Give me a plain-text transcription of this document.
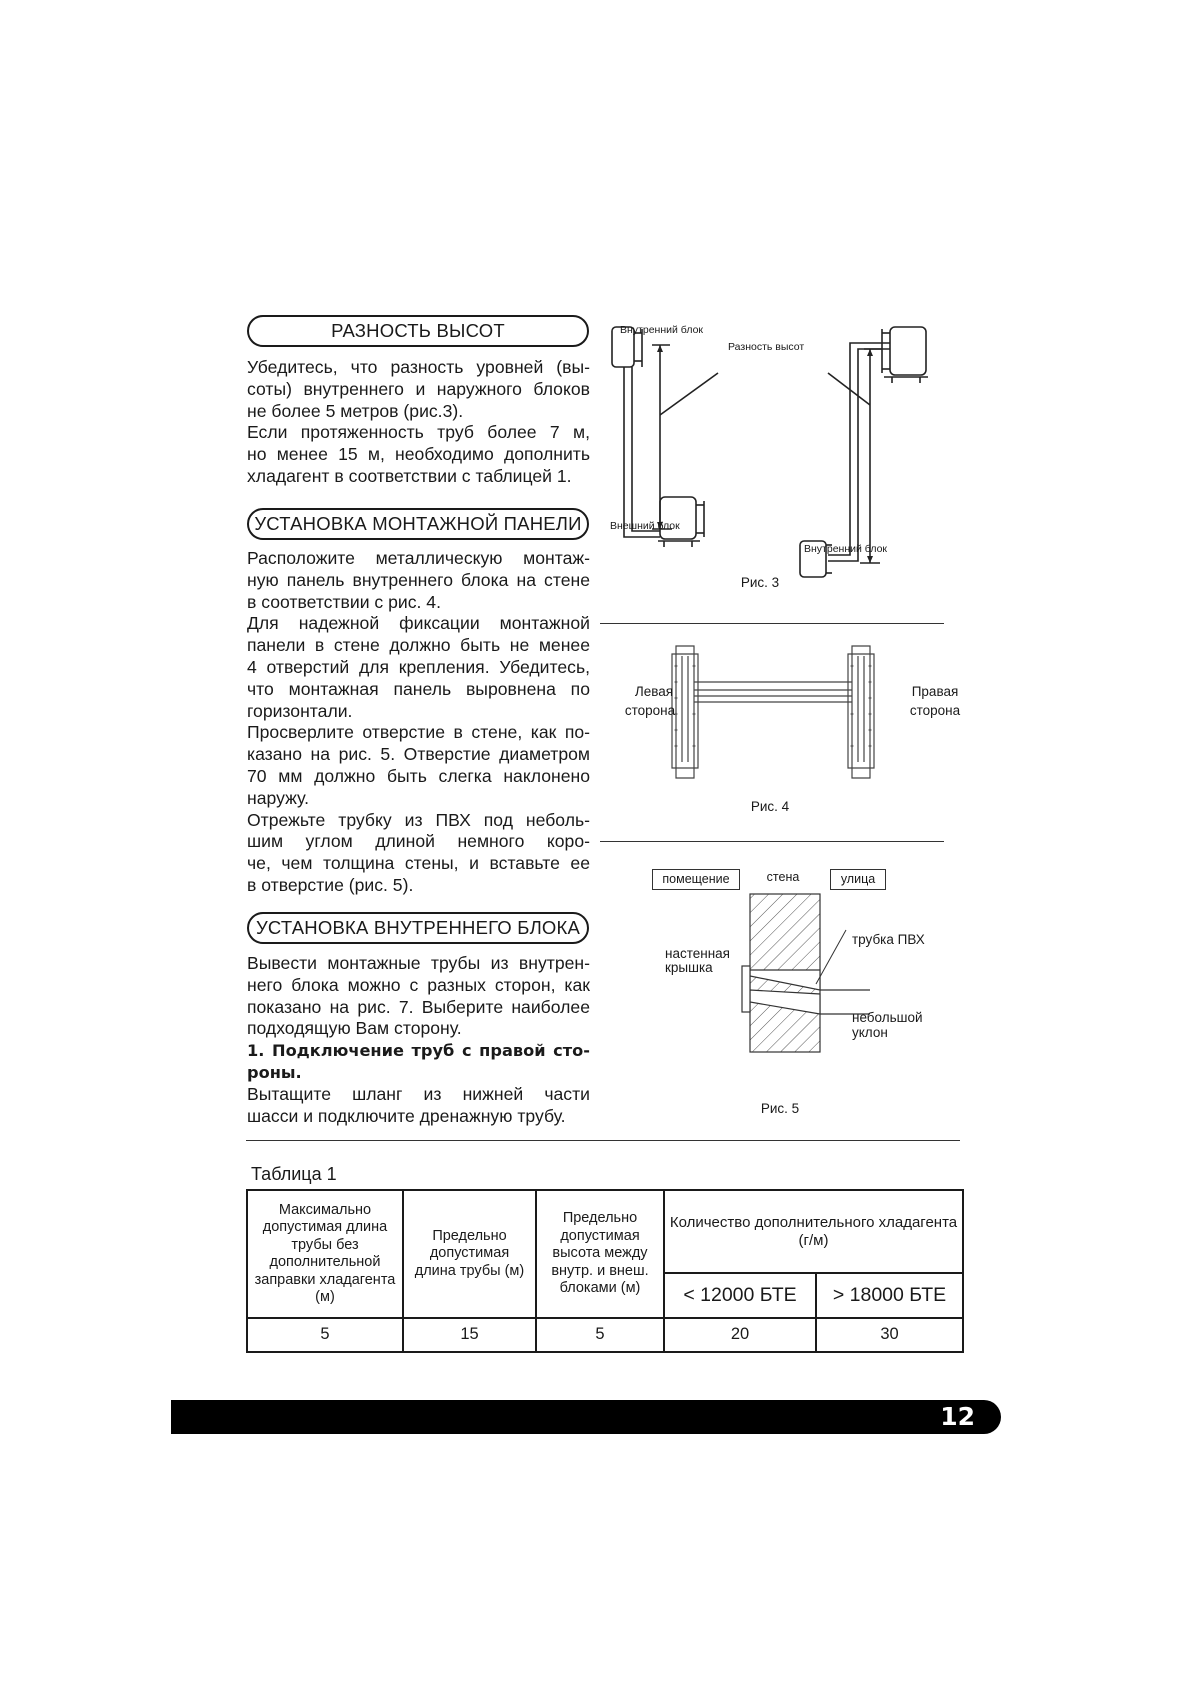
РАЗНОСТЬ ВЫСОТ
Убедитесь, что разность уровней (вы-
соты) внутреннего и наружного блоков
не более 5 метров (рис.3).
Если протяженность труб более 7 м,
но менее 15 м, необходимо дополнить
хладагент в соответствии с таблицей 1.
УСТАНОВКА МОНТАЖНОЙ ПАНЕЛИ
Расположите металлическую монтаж-
ную панель внутреннего блока на стене
в соответствии с рис. 4.
Для надежной фиксации монтажной
панели в стене должно быть не менее
4 отверстий для крепления. Убедитесь,
что монтажная панель выровнена по
горизонтали.
Просверлите отверстие в стене, как по-
казано на рис. 5. Отверстие диаметром
70 мм должно быть слегка наклонено
наружу.
Отрежьте трубку из ПВХ под неболь-
шим углом длиной немного коро-
че, чем толщина стены, и вставьте ее
в отверстие (рис. 5).
УСТАНОВКА ВНУТРЕННЕГО БЛОКА
Вывести монтажные трубы из внутрен-
него блока можно с разных сторон, как
показано на рис. 7. Выберите наиболее
подходящую Вам сторону.
1. Подключение труб с правой сто-
роны.
Вытащите шланг из нижней части
шасси и подключите дренажную трубу.
Внутренний блок
Разность высот
Внешний блок
Внутренний блок
Рис. 3
Левая
сторона
Правая
сторона
Рис. 4
помещение	стена	улица
трубка ПВХ
настенная
крышка
небольшой
уклон
Рис. 5
Таблица 1
Максимально допустимая длина трубы без дополнительной заправки хладагента (м)	Предельно допустимая длина трубы (м)	Предельно допустимая высота между внутр. и внеш. блоками (м)	Количество дополнительного хладагента (г/м)	
			< 12000 БТЕ	> 18000 БТЕ
5	15	5	20	30
12
